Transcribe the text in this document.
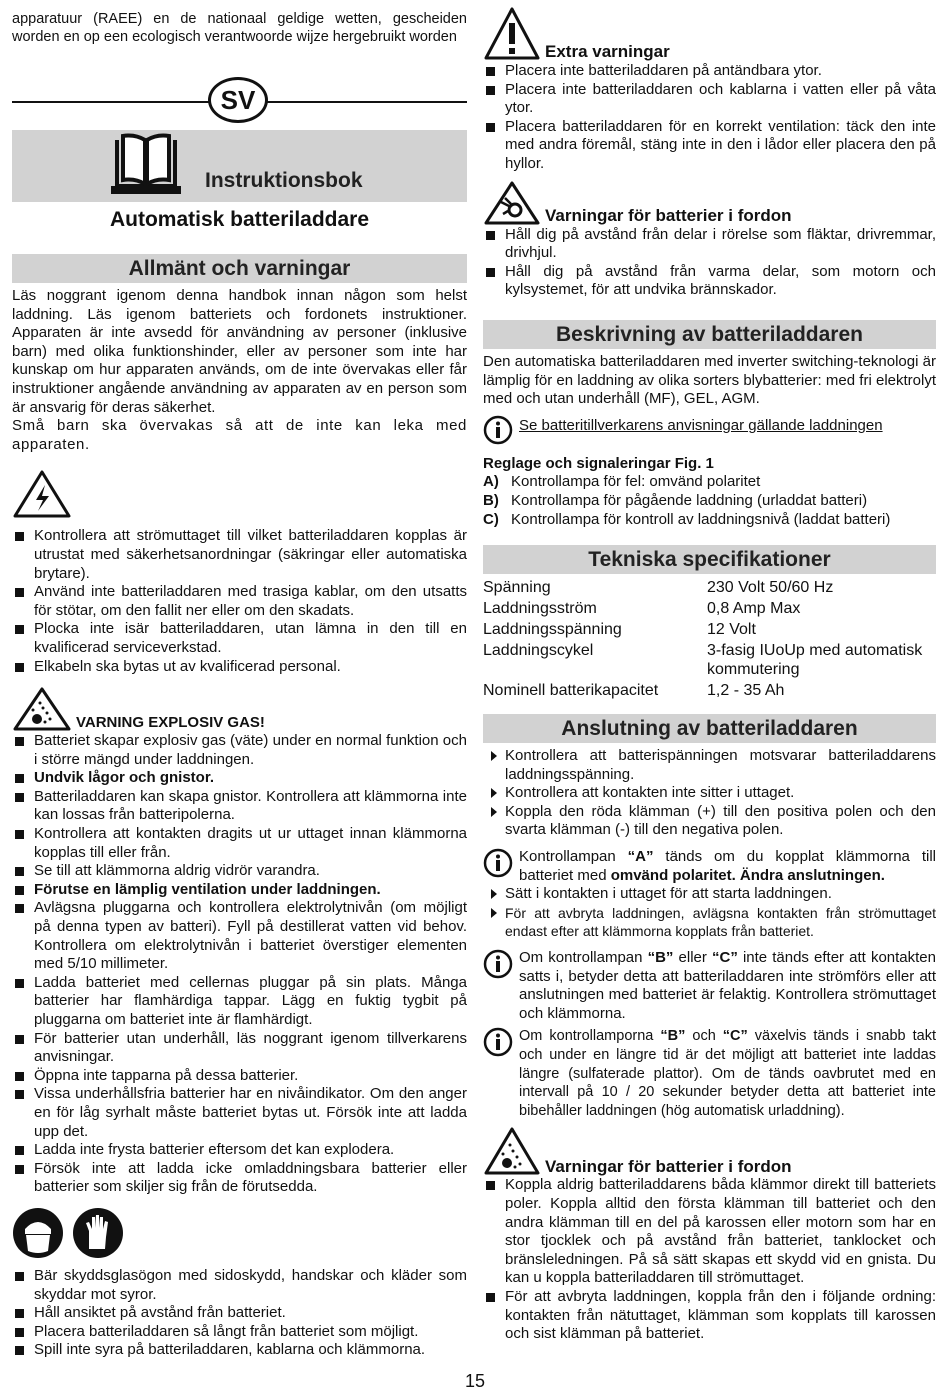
apparatuur (RAEE) en de nationaal geldige wetten, gescheiden worden en op een ecologisch verantwoorde wijze hergebruikt worden

SV
Instruktionsbok
Automatisk batteriladdare
Allmänt och varningar

Läs noggrant igenom denna handbok innan någon som helst laddning. Läs igenom batteriets och fordonets instruktioner. Apparaten är inte avsedd för användning av personer (inklusive barn) med olika funktionshinder, eller av personer som inte har kunskap om hur apparaten används, om de inte övervakas eller får instruktioner angående användning av apparaten av en person som är ansvarig för deras säkerhet.

Små barn ska övervakas så att de inte kan leka med apparaten.

Kontrollera att strömuttaget till vilket batteriladdaren kopplas är utrustat med säkerhetsanordningar (säkringar eller automatiska brytare).
Använd inte batteriladdaren med trasiga kablar, om den utsatts för stötar, om den fallit ner eller om den skadats.
Plocka inte isär batteriladdaren, utan lämna in den till en kvalificerad serviceverkstad.
Elkabeln ska bytas ut av kvalificerad personal.
VARNING EXPLOSIV GAS!
Batteriet skapar explosiv gas (väte) under en normal funktion och i större mängd under laddningen.
Undvik lågor och gnistor.
Batteriladdaren kan skapa gnistor. Kontrollera att klämmorna inte kan lossas från batteripolerna.
Kontrollera att kontakten dragits ut ur uttaget innan klämmorna kopplas till eller från.
Se till att klämmorna aldrig vidrör varandra.
Förutse en lämplig ventilation under laddningen.
Avlägsna pluggarna och kontrollera elektrolytnivån (om möjligt på denna typen av batteri). Fyll på destillerat vatten vid behov. Kontrollera om elektrolytnivån i batteriet överstiger elementen med 5/10 millimeter.
Ladda batteriet med cellernas pluggar på sin plats. Många batterier har flamhärdiga tappar. Lägg en fuktig tygbit på pluggarna om batteriet inte är flamhärdigt.
För batterier utan underhåll, läs noggrant igenom tillverkarens anvisningar.
Öppna inte tapparna på dessa batterier.
Vissa underhållsfria batterier har en nivåindikator. Om den anger en för låg syrhalt måste batteriet bytas ut. Försök inte att ladda upp det.
Ladda inte frysta batterier eftersom det kan explodera.
Försök inte att ladda icke omladdningsbara batterier eller batterier som skiljer sig från de förutsedda.
Bär skyddsglasögon med sidoskydd, handskar och kläder som skyddar mot syror.
Håll ansiktet på avstånd från batteriet.
Placera batteriladdaren så långt från batteriet som möjligt.
Spill inte syra på batteriladdaren, kablarna och klämmorna.
Extra varningar
Placera inte batteriladdaren på antändbara ytor.
Placera inte batteriladdaren och kablarna i vatten eller på våta ytor.
Placera batteriladdaren för en korrekt ventilation: täck den inte med andra föremål, stäng inte in den i lådor eller placera den på hyllor.
Varningar för batterier i fordon
Håll dig på avstånd från delar i rörelse som fläktar, drivremmar, drivhjul.
Håll dig på avstånd från varma delar, som motorn och kylsystemet, för att undvika brännskador.
Beskrivning av batteriladdaren

Den automatiska batteriladdaren med inverter switching-teknologi är lämplig för en laddning av olika sorters blybatterier: med fri elektrolyt med och utan underhåll (MF), GEL, AGM.

Se batteritillverkarens anvisningar gällande laddningen

Reglage och signaleringar Fig. 1

A) Kontrollampa för fel: omvänd polaritet
B) Kontrollampa för pågående laddning (urladdat batteri)
C) Kontrollampa för kontroll av laddningsnivå (laddat batteri)
Tekniska specifikationer
Spänning	230 Volt 50/60 Hz
Laddningsström	0,8 Amp Max
Laddningsspänning	12 Volt
Laddningscykel	3-fasig IUoUp med automatisk kommutering
Nominell batterikapacitet	1,2 - 35 Ah
Anslutning av batteriladdaren
Kontrollera att batterispänningen motsvarar batteriladdarens laddningsspänning.
Kontrollera att kontakten inte sitter i uttaget.
Koppla den röda klämman (+) till den positiva polen och den svarta klämman (-) till den negativa polen.

Kontrollampan “A” tänds om du kopplat klämmorna till batteriet med omvänd polaritet. Ändra anslutningen.

Sätt i kontakten i uttaget för att starta laddningen.
För att avbryta laddningen, avlägsna kontakten från strömuttaget endast efter att klämmorna kopplats från batteriet.

Om kontrollampan “B” eller “C” inte tänds efter att kontakten satts i, betyder detta att batteriladdaren inte strömförs eller att anslutningen med batteriet är felaktig. Kontrollera strömuttaget och klämmorna.

Om kontrollamporna “B” och “C” växelvis tänds i snabb takt och under en längre tid är det möjligt att batteriet inte laddas längre (sulfaterade plattor). Om de tänds oavbrutet med en intervall på 10 / 20 sekunder betyder detta att batteriet inte bibehåller laddningen (hög automatisk urladdning).

Varningar för batterier i fordon
Koppla aldrig batteriladdarens båda klämmor direkt till batteriets poler. Koppla alltid den första klämman till batteriet och den andra klämman till en del på karossen eller motorn som har en stor tjocklek och på avstånd från batteriet, tanklocket och bränsleledningen. På så sätt skapas ett skydd vid en gnista. Du kan u koppla batteriladdaren till strömuttaget.
För att avbryta laddningen, koppla från den i följande ordning: kontakten från nätuttaget, klämman som kopplats till karossen och sist klämman på batteriet.
15
